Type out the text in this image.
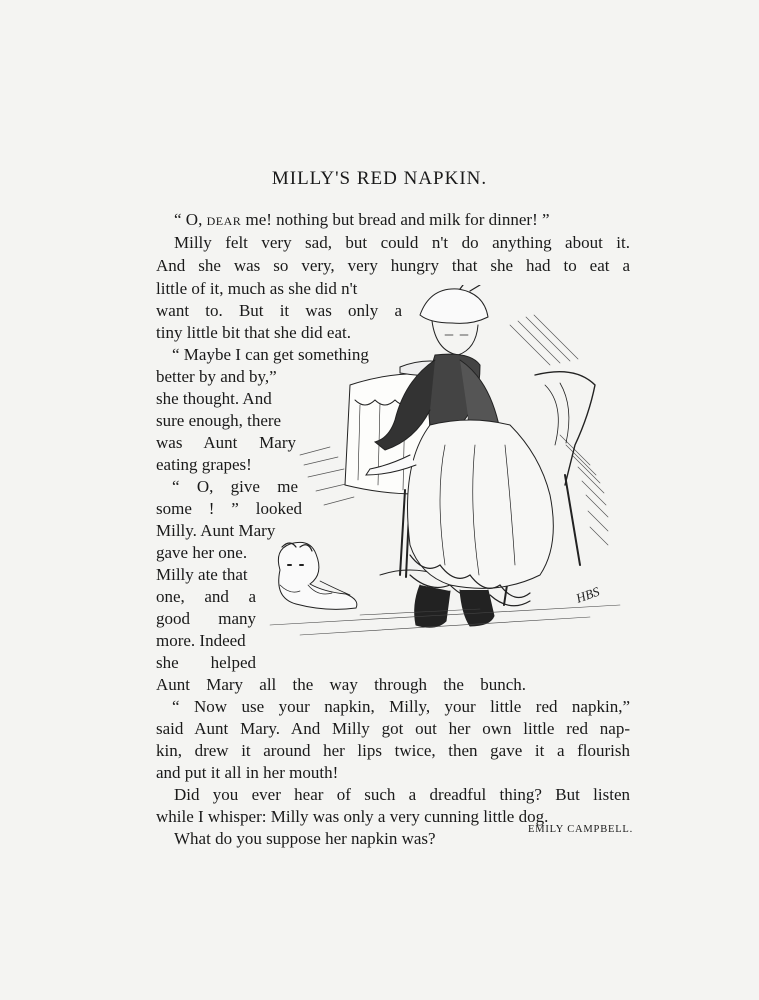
MILLY'S RED NAPKIN.

“ O, DEAR me! nothing but bread and milk for dinner! ”

Milly felt very sad, but could n't do anything about it.

And she was so very, very hungry that she had to eat a

little of it, much as she did n't

want to. But it was only a

tiny little bit that she did eat.

“ Maybe I can get something

better by and by,”

she thought. And

sure enough, there

was Aunt Mary

eating grapes!

“ O, give me

some ! ” looked

Milly. Aunt Mary

gave her one.

Milly ate that

one, and a

good many

more. Indeed

she helped

Aunt Mary all the way through the bunch.

“ Now use your napkin, Milly, your little red napkin,”

said Aunt Mary. And Milly got out her own little red nap-

kin, drew it around her lips twice, then gave it a flourish

and put it all in her mouth!

Did you ever hear of such a dreadful thing? But listen

while I whisper: Milly was only a very cunning little dog.

What do you suppose her napkin was?	EMILY CAMPBELL.

HBS
